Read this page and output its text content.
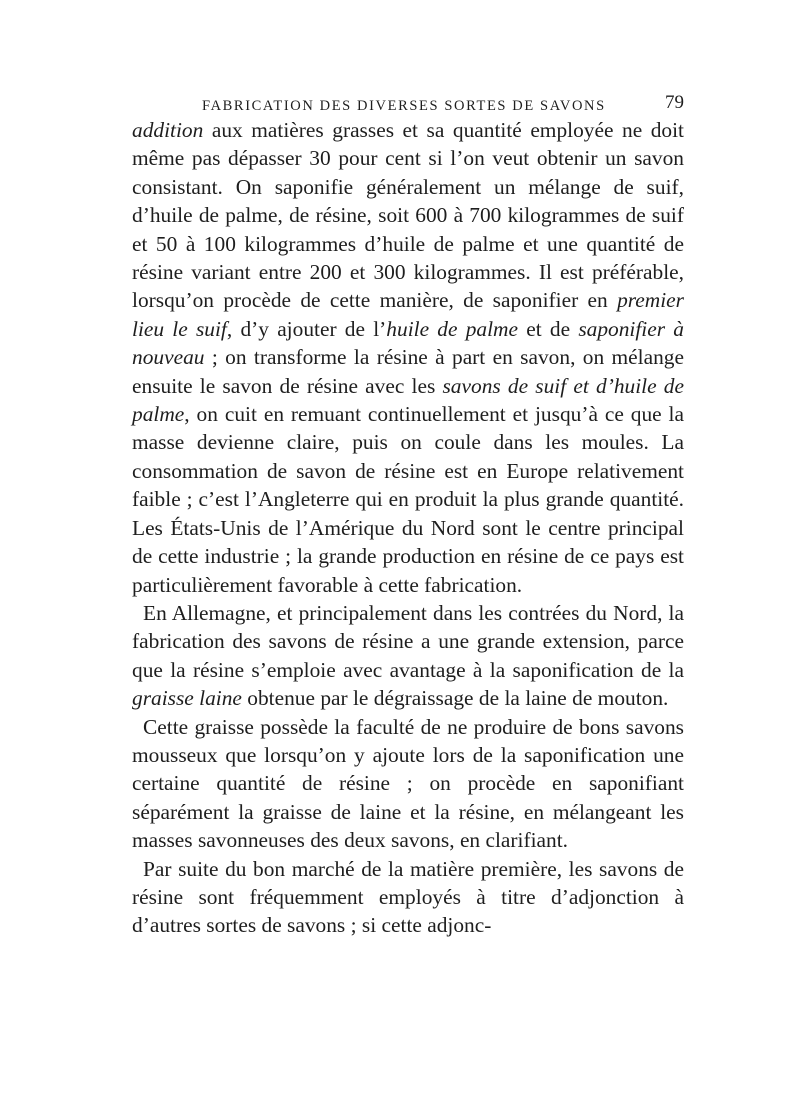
FABRICATION DES DIVERSES SORTES DE SAVONS	79

addition aux matières grasses et sa quantité employée ne doit même pas dépasser 30 pour cent si l’on veut obtenir un savon consistant. On saponifie généralement un mélange de suif, d’huile de palme, de résine, soit 600 à 700 kilogrammes de suif et 50 à 100 kilogrammes d’huile de palme et une quantité de résine variant entre 200 et 300 kilogrammes. Il est préférable, lorsqu’on procède de cette manière, de saponifier en premier lieu le suif, d’y ajouter de l’huile de palme et de saponifier à nouveau ; on transforme la résine à part en savon, on mélange ensuite le savon de résine avec les savons de suif et d’huile de palme, on cuit en remuant continuellement et jusqu’à ce que la masse devienne claire, puis on coule dans les moules. La consommation de savon de résine est en Europe relativement faible ; c’est l’Angleterre qui en produit la plus grande quantité. Les États-Unis de l’Amérique du Nord sont le centre principal de cette industrie ; la grande production en résine de ce pays est particulièrement favorable à cette fabrication.

En Allemagne, et principalement dans les contrées du Nord, la fabrication des savons de résine a une grande extension, parce que la résine s’emploie avec avantage à la saponification de la graisse laine obtenue par le dégraissage de la laine de mouton.

Cette graisse possède la faculté de ne produire de bons savons mousseux que lorsqu’on y ajoute lors de la saponification une certaine quantité de résine ; on procède en saponifiant séparément la graisse de laine et la résine, en mélangeant les masses savonneuses des deux savons, en clarifiant.

Par suite du bon marché de la matière première, les savons de résine sont fréquemment employés à titre d’adjonction à d’autres sortes de savons ; si cette adjonc-
